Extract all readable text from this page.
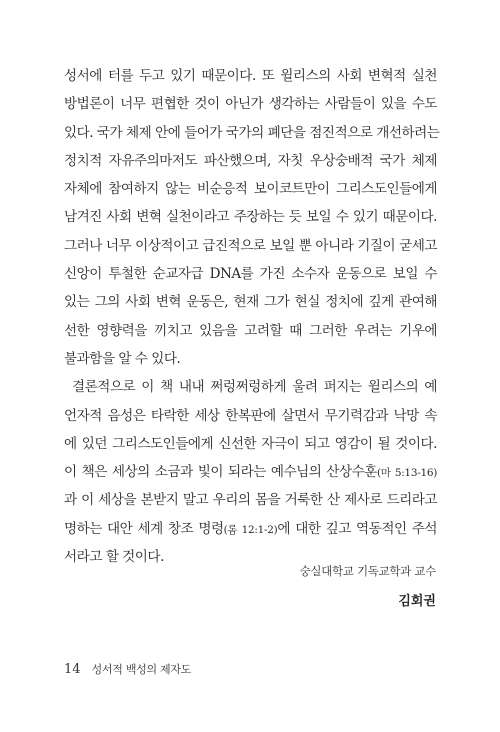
성서에 터를 두고 있기 때문이다. 또 윌리스의 사회 변혁적 실천
방법론이 너무 편협한 것이 아닌가 생각하는 사람들이 있을 수도
있다. 국가 체제 안에 들어가 국가의 폐단을 점진적으로 개선하려는
정치적 자유주의마저도 파산했으며, 자칫 우상숭배적 국가 체제
자체에 참여하지 않는 비순응적 보이코트만이 그리스도인들에게
남겨진 사회 변혁 실천이라고 주장하는 듯 보일 수 있기 때문이다.
그러나 너무 이상적이고 급진적으로 보일 뿐 아니라 기질이 굳세고
신앙이 투철한 순교자급 DNA를 가진 소수자 운동으로 보일 수
있는 그의 사회 변혁 운동은, 현재 그가 현실 정치에 깊게 관여해
선한 영향력을 끼치고 있음을 고려할 때 그러한 우려는 기우에
불과함을 알 수 있다.
결론적으로 이 책 내내 쩌렁쩌렁하게 울려 퍼지는 윌리스의 예
언자적 음성은 타락한 세상 한복판에 살면서 무기력감과 낙망 속
에 있던 그리스도인들에게 신선한 자극이 되고 영감이 될 것이다.
이 책은 세상의 소금과 빛이 되라는 예수님의 산상수훈(마 5:13-16)
과 이 세상을 본받지 말고 우리의 몸을 거룩한 산 제사로 드리라고
명하는 대안 세계 창조 명령(롬 12:1-2)에 대한 깊고 역동적인 주석
서라고 할 것이다.
숭실대학교 기독교학과 교수
김회권
14 성서적 백성의 제자도
